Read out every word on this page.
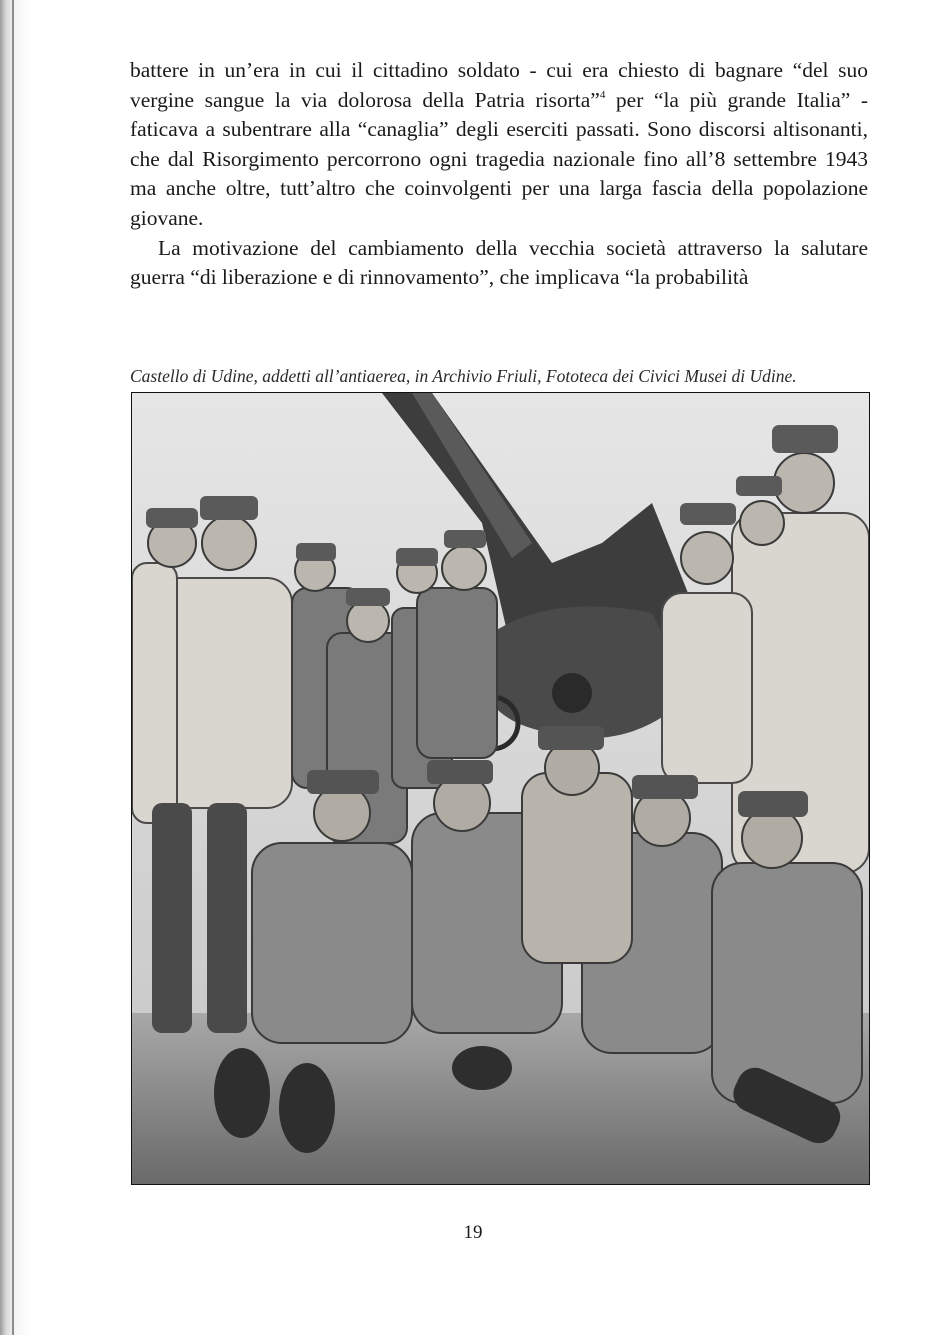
battere in un’era in cui il cittadino soldato - cui era chiesto di bagnare “del suo vergine sangue la via dolorosa della Patria risorta”$^4$ per “la più grande Italia” - faticava a subentrare alla “canaglia” degli eserciti passati. Sono discorsi altisonanti, che dal Risorgimento percorrono ogni tragedia nazionale fino all’8 settembre 1943 ma anche oltre, tutt’altro che coinvolgenti per una larga fascia della popolazione giovane.

La motivazione del cambiamento della vecchia società attraverso la salutare guerra “di liberazione e di rinnovamento”, che implicava “la probabilità

Castello di Udine, addetti all’antiaerea, in Archivio Friuli, Fototeca dei Civici Musei di Udine.
19
